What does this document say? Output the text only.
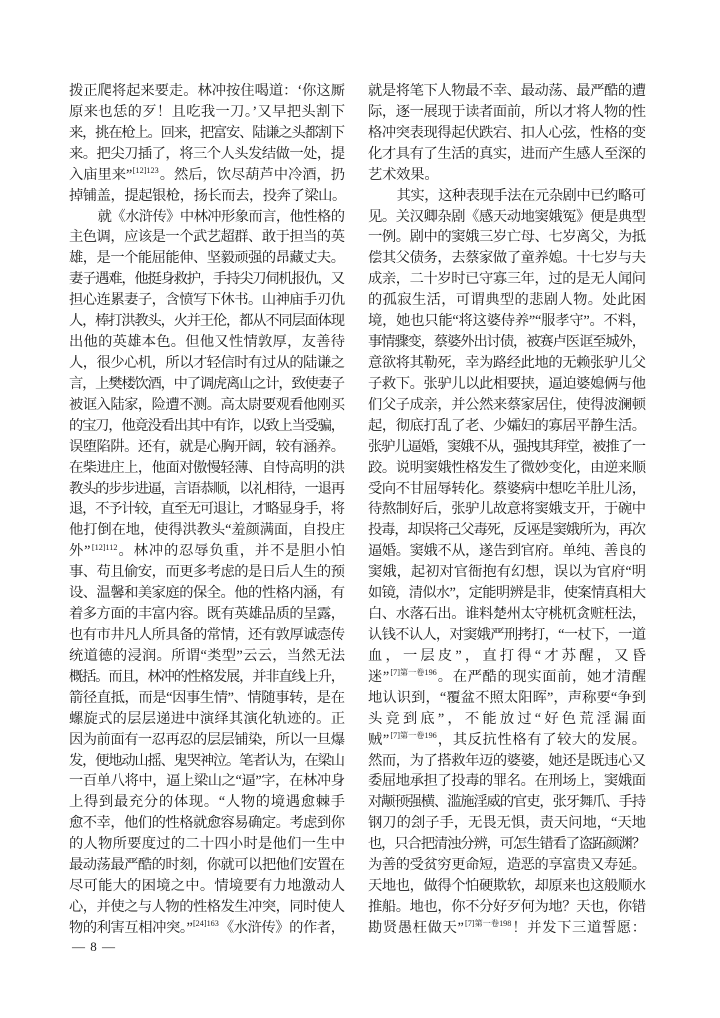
拨正爬将起来要走。林冲按住喝道：‘你这厮
原来也恁的歹！且吃我一刀。’又早把头割下
来，挑在枪上。回来，把富安、陆谦之头都割下
来。把尖刀插了，将三个人头发结做一处，提
入庙里来”$^{[12]123}$。然后，饮尽葫芦中冷酒，扔
掉铺盖，提起银枪，扬长而去，投奔了梁山。
就《水浒传》中林冲形象而言，他性格的
主色调，应该是一个武艺超群、敢于担当的英
雄，是一个能屈能伸、坚毅顽强的昂藏丈夫。
妻子遇难，他挺身救护，手持尖刀伺机报仇，又
担心连累妻子，含愤写下休书。山神庙手刃仇
人，棒打洪教头，火并王伦，都从不同层面体现
出他的英雄本色。但他又性情敦厚，友善待
人，很少心机，所以才轻信时有过从的陆谦之
言，上樊楼饮酒，中了调虎离山之计，致使妻子
被诓入陆家，险遭不测。高太尉要观看他刚买
的宝刀，他竟没看出其中有诈，以致上当受骗，
误堕陷阱。还有，就是心胸开阔，较有涵养。
在柴进庄上，他面对傲慢轻薄、自恃高明的洪
教头的步步进逼，言语恭顺，以礼相待，一退再
退，不予计较，直至无可退让，才略显身手，将
他打倒在地，使得洪教头“羞颜满面，自投庄
外”$^{[12]112}$。林冲的忍辱负重，并不是胆小怕
事、苟且偷安，而更多考虑的是日后人生的预
设、温馨和美家庭的保全。他的性格内涵，有
着多方面的丰富内容。既有英雄品质的呈露，
也有市井凡人所具备的常情，还有敦厚诚悫传
统道德的浸润。所谓“类型”云云，当然无法
概括。而且，林冲的性格发展，并非直线上升，
箭径直抵，而是“因事生情”、情随事转，是在
螺旋式的层层递进中演绎其演化轨迹的。正
因为前面有一忍再忍的层层铺染，所以一旦爆
发，便地动山摇、鬼哭神泣。笔者认为，在梁山
一百单八将中，逼上梁山之“逼”字，在林冲身
上得到最充分的体现。“人物的境遇愈棘手
愈不幸，他们的性格就愈容易确定。考虑到你
的人物所要度过的二十四小时是他们一生中
最动荡最严酷的时刻，你就可以把他们安置在
尽可能大的困境之中。情境要有力地激动人
心，并使之与人物的性格发生冲突，同时使人
物的利害互相冲突。”$^{[24]163}$《水浒传》的作者，
就是将笔下人物最不幸、最动荡、最严酷的遭
际，逐一展现于读者面前，所以才将人物的性
格冲突表现得起伏跌宕、扣人心弦，性格的变
化才具有了生活的真实，进而产生感人至深的
艺术效果。
其实，这种表现手法在元杂剧中已约略可
见。关汉卿杂剧《感天动地窦娥冤》便是典型
一例。剧中的窦娥三岁亡母、七岁离父，为抵
偿其父债务，去蔡家做了童养媳。十七岁与夫
成亲，二十岁时已守寡三年，过的是无人闻问
的孤寂生活，可谓典型的悲剧人物。处此困
境，她也只能“将这婆侍养”“服孝守”。不料，
事情骤变，蔡婆外出讨债，被赛卢医诓至城外，
意欲将其勒死，幸为路经此地的无赖张驴儿父
子救下。张驴儿以此相要挟，逼迫婆媳俩与他
们父子成亲，并公然来蔡家居住，使得波澜顿
起，彻底打乱了老、少孀妇的寡居平静生活。
张驴儿逼婚，窦娥不从，强拽其拜堂，被推了一
跤。说明窦娥性格发生了微妙变化，由逆来顺
受向不甘屈辱转化。蔡婆病中想吃羊肚儿汤，
待熬制好后，张驴儿故意将窦娥支开，于碗中
投毒，却误将己父毒死，反诬是窦娥所为，再次
逼婚。窦娥不从，遂告到官府。单纯、善良的
窦娥，起初对官衙抱有幻想，误以为官府“明
如镜，清似水”，定能明辨是非，使案情真相大
白、水落石出。谁料楚州太守桃杌贪赃枉法，
认钱不认人，对窦娥严刑拷打，“一杖下，一道
血，一层皮”，直打得“才苏醒，又昏
迷”$^{[7]第一卷196}$。在严酷的现实面前，她才清醒
地认识到，“覆盆不照太阳晖”，声称要“争到
头竞到底”，不能放过“好色荒淫漏面
贼”$^{[7]第一卷196}$，其反抗性格有了较大的发展。
然而，为了搭救年迈的婆婆，她还是既违心又
委屈地承担了投毒的罪名。在刑场上，窦娥面
对颟顸强横、滥施淫威的官吏，张牙舞爪、手持
钢刀的刽子手，无畏无惧，责天问地，“天地
也，只合把清浊分辨，可怎生错看了盗跖颜渊？
为善的受贫穷更命短，造恶的享富贵又寿延。
天地也，做得个怕硬欺软，却原来也这般顺水
推船。地也，你不分好歹何为地？天也，你错
勘贤愚枉做天”$^{[7]第一卷198}$！并发下三道誓愿：
— 8 —
